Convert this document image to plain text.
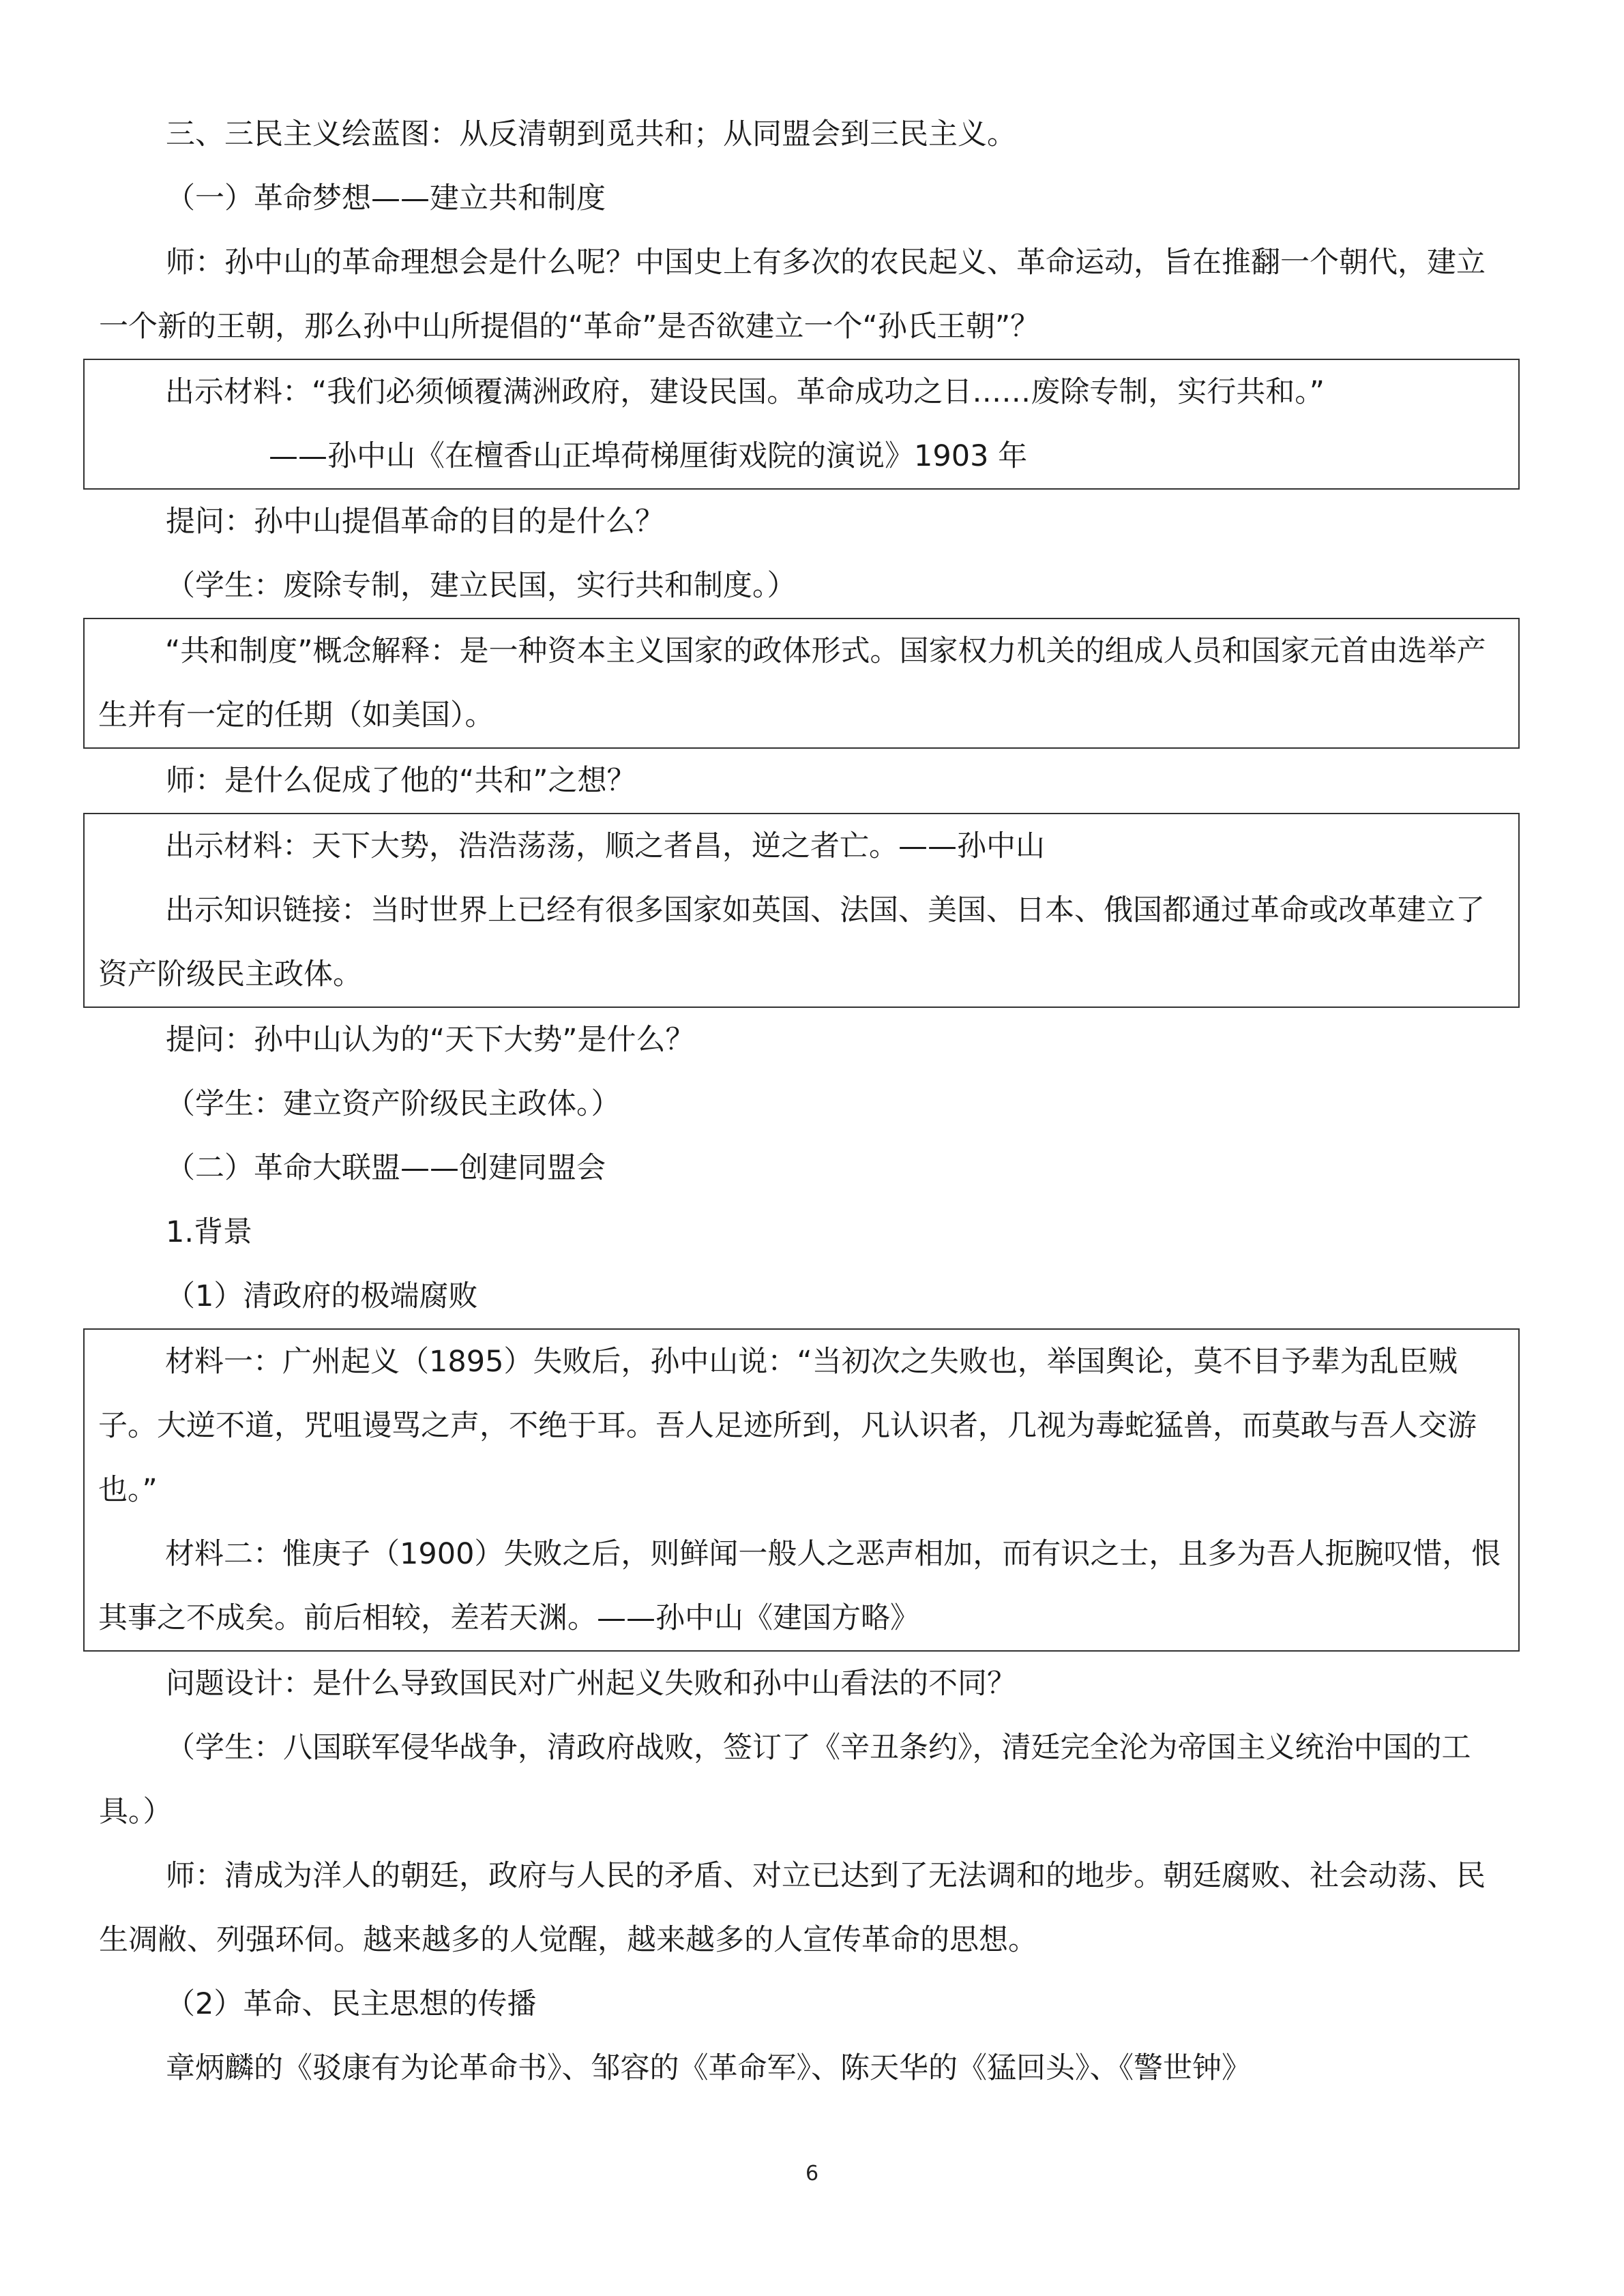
三、三民主义绘蓝图：从反清朝到觅共和；从同盟会到三民主义。

（一）革命梦想——建立共和制度

师：孙中山的革命理想会是什么呢？中国史上有多次的农民起义、革命运动，旨在推翻一个朝代，建立一个新的王朝，那么孙中山所提倡的“革命”是否欲建立一个“孙氏王朝”？

出示材料：“我们必须倾覆满洲政府，建设民国。革命成功之日……废除专制，实行共和。”

——孙中山《在檀香山正埠荷梯厘街戏院的演说》1903 年

提问：孙中山提倡革命的目的是什么？

（学生：废除专制，建立民国，实行共和制度。）

“共和制度”概念解释：是一种资本主义国家的政体形式。国家权力机关的组成人员和国家元首由选举产生并有一定的任期（如美国）。

师：是什么促成了他的“共和”之想？

出示材料：天下大势，浩浩荡荡，顺之者昌，逆之者亡。——孙中山

出示知识链接：当时世界上已经有很多国家如英国、法国、美国、日本、俄国都通过革命或改革建立了资产阶级民主政体。

提问：孙中山认为的“天下大势”是什么？

（学生：建立资产阶级民主政体。）

（二）革命大联盟——创建同盟会

1.背景

（1）清政府的极端腐败

材料一：广州起义（1895）失败后，孙中山说：“当初次之失败也，举国舆论，莫不目予辈为乱臣贼子。大逆不道，咒咀谩骂之声，不绝于耳。吾人足迹所到，凡认识者，几视为毒蛇猛兽，而莫敢与吾人交游也。”

材料二：惟庚子（1900）失败之后，则鲜闻一般人之恶声相加，而有识之士，且多为吾人扼腕叹惜，恨其事之不成矣。前后相较，差若天渊。——孙中山《建国方略》

问题设计：是什么导致国民对广州起义失败和孙中山看法的不同？

（学生：八国联军侵华战争，清政府战败，签订了《辛丑条约》，清廷完全沦为帝国主义统治中国的工具。）

师：清成为洋人的朝廷，政府与人民的矛盾、对立已达到了无法调和的地步。朝廷腐败、社会动荡、民生凋敝、列强环伺。越来越多的人觉醒，越来越多的人宣传革命的思想。

（2）革命、民主思想的传播

章炳麟的《驳康有为论革命书》、邹容的《革命军》、陈天华的《猛回头》、《警世钟》

6
